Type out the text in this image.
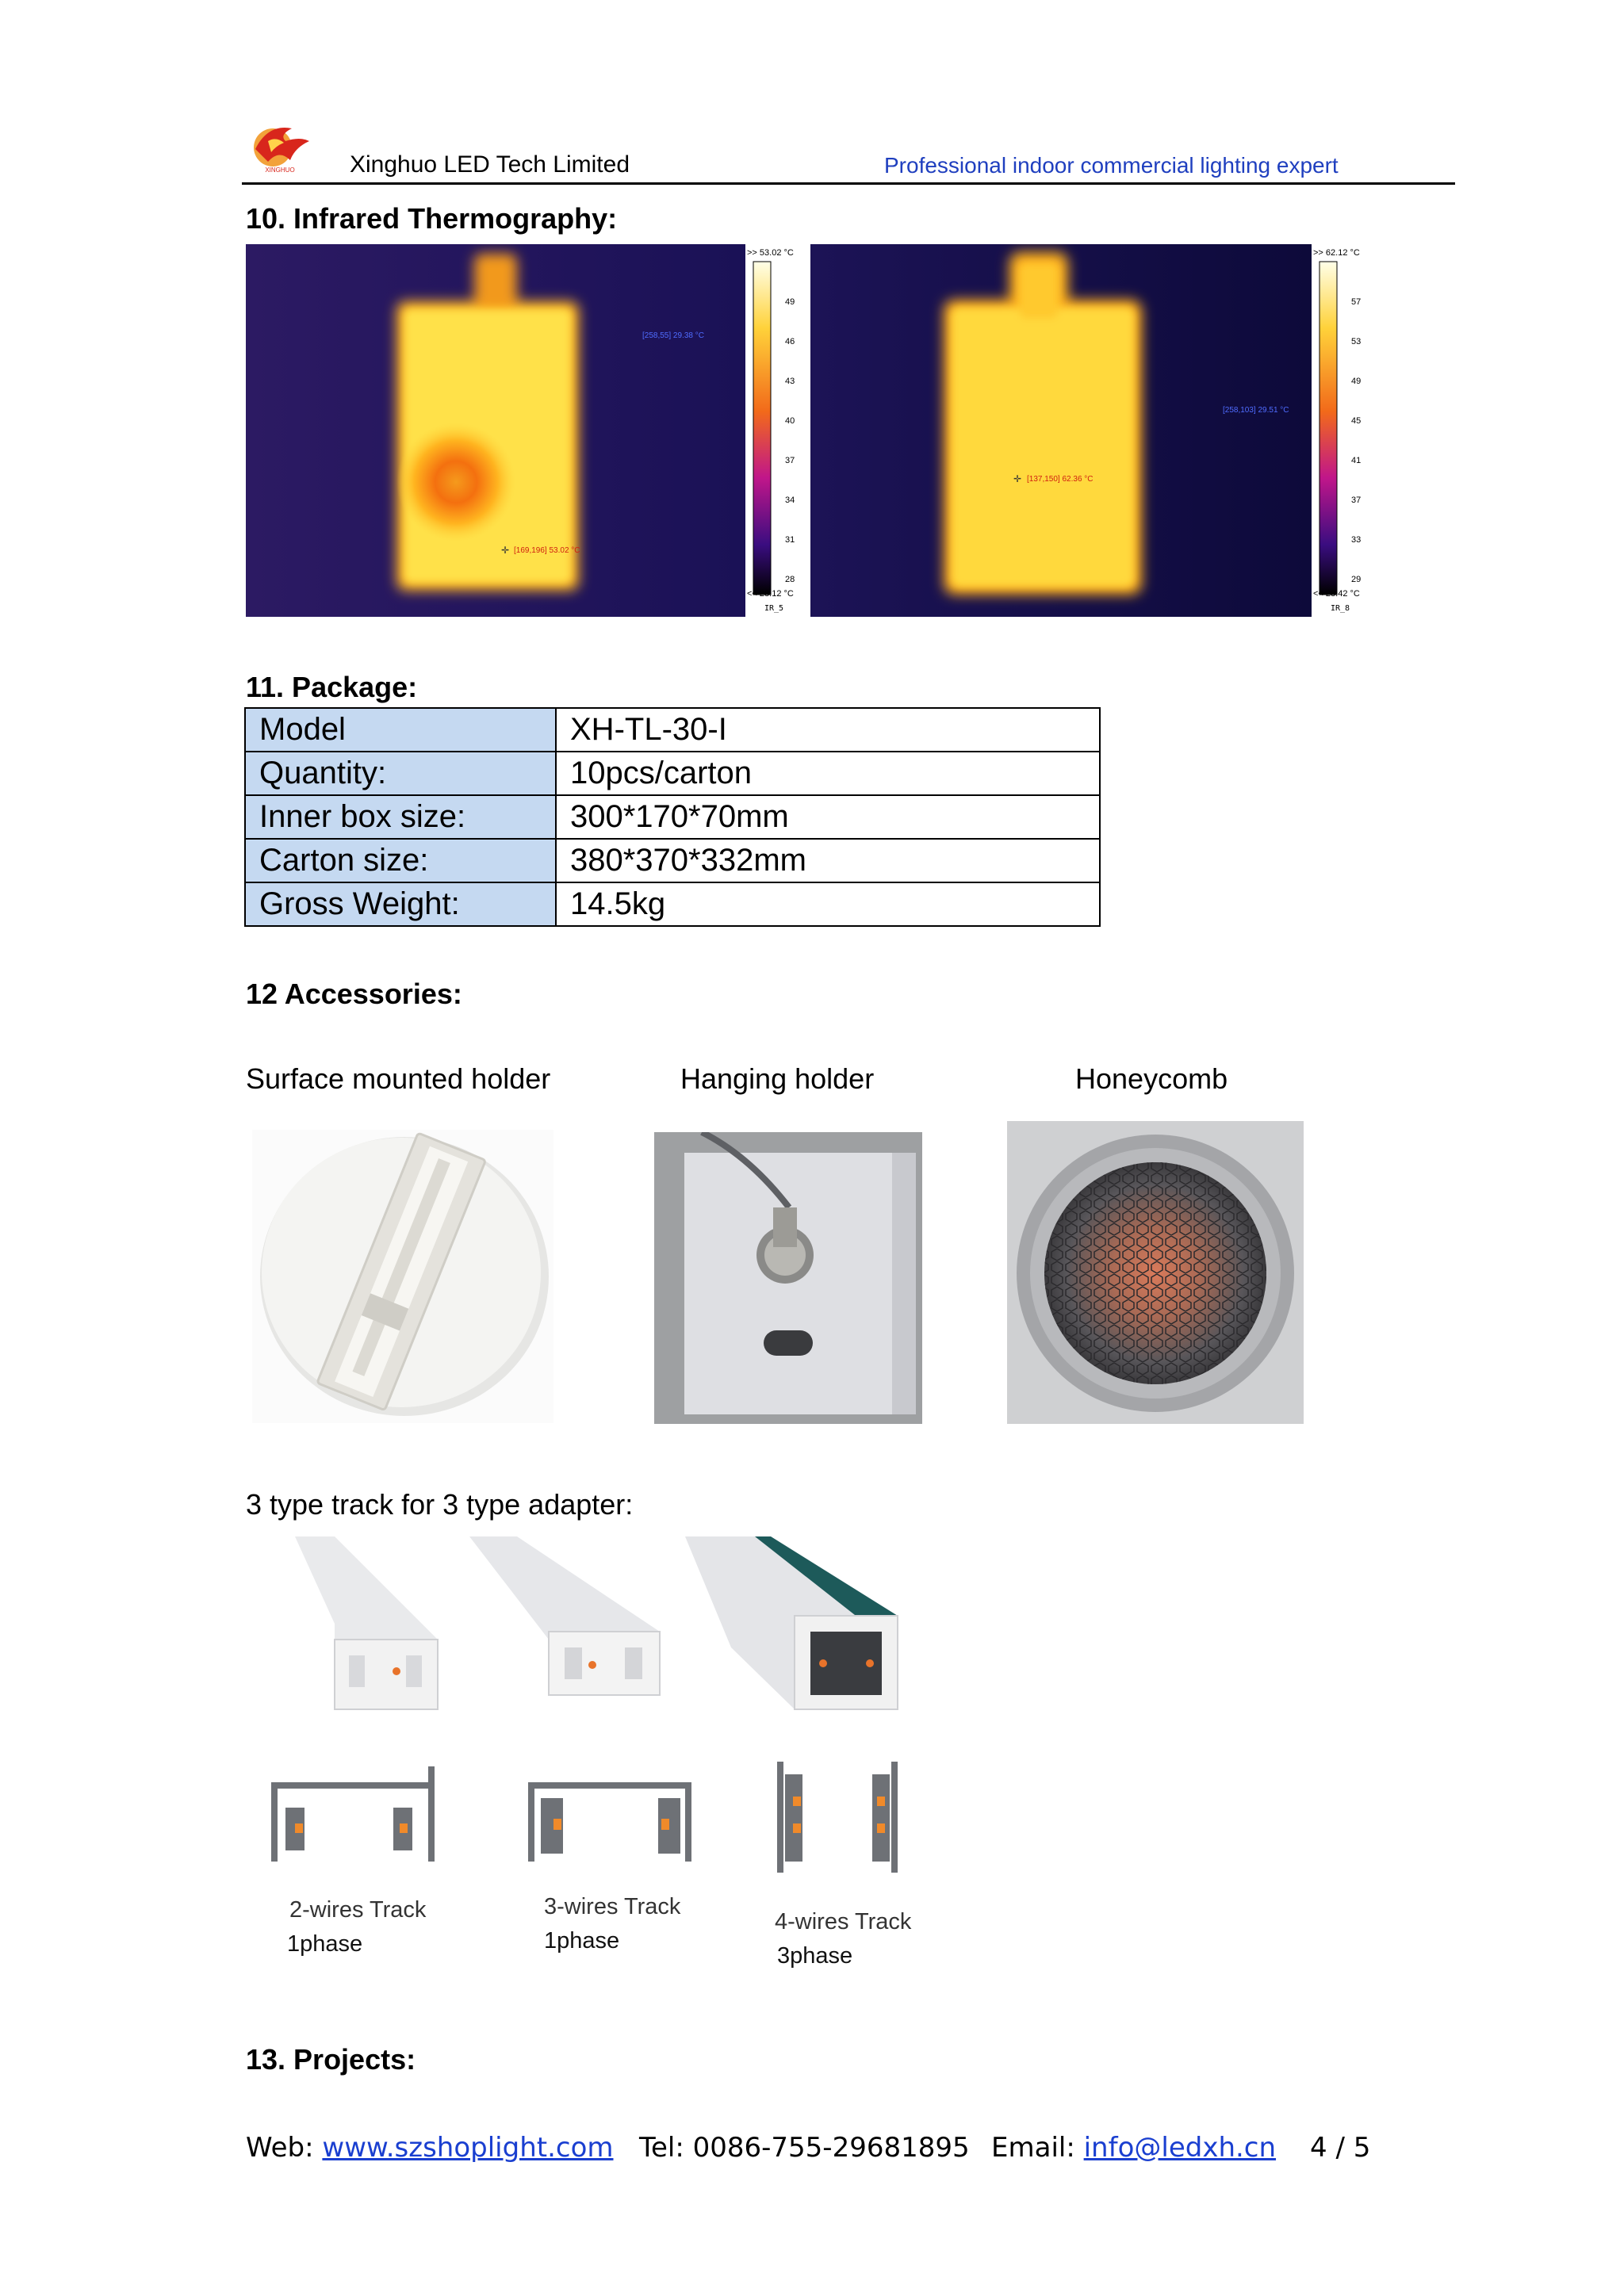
XINGHUO Xinghuo LED Tech Limited	Professional indoor commercial lighting expert
10. Infrared Thermography:
[258,55] 29.38 °C
✛ [169,196] 53.02 °C
>> 53.02 °C
49
46
43
40
37
34
31
28
<< 28.12 °C
IR_5
[258,103] 29.51 °C
✛ [137,150] 62.36 °C
>> 62.12 °C
57
53
49
45
41
37
33
29
<< 28.42 °C
IR_8
11. Package:
Model	XH-TL-30-I
Quantity:	10pcs/carton
Inner box size:	300*170*70mm
Carton size:	380*370*332mm
Gross Weight:	14.5kg
12 Accessories:
Surface mounted holder	Hanging holder	Honeycomb
3 type track for 3 type adapter:
2-wires Track
1phase
3-wires Track
1phase
4-wires Track
3phase
13. Projects:
Web: www.szshoplight.com Tel: 0086-755-29681895 Email: info@ledxh.cn 4 / 5
